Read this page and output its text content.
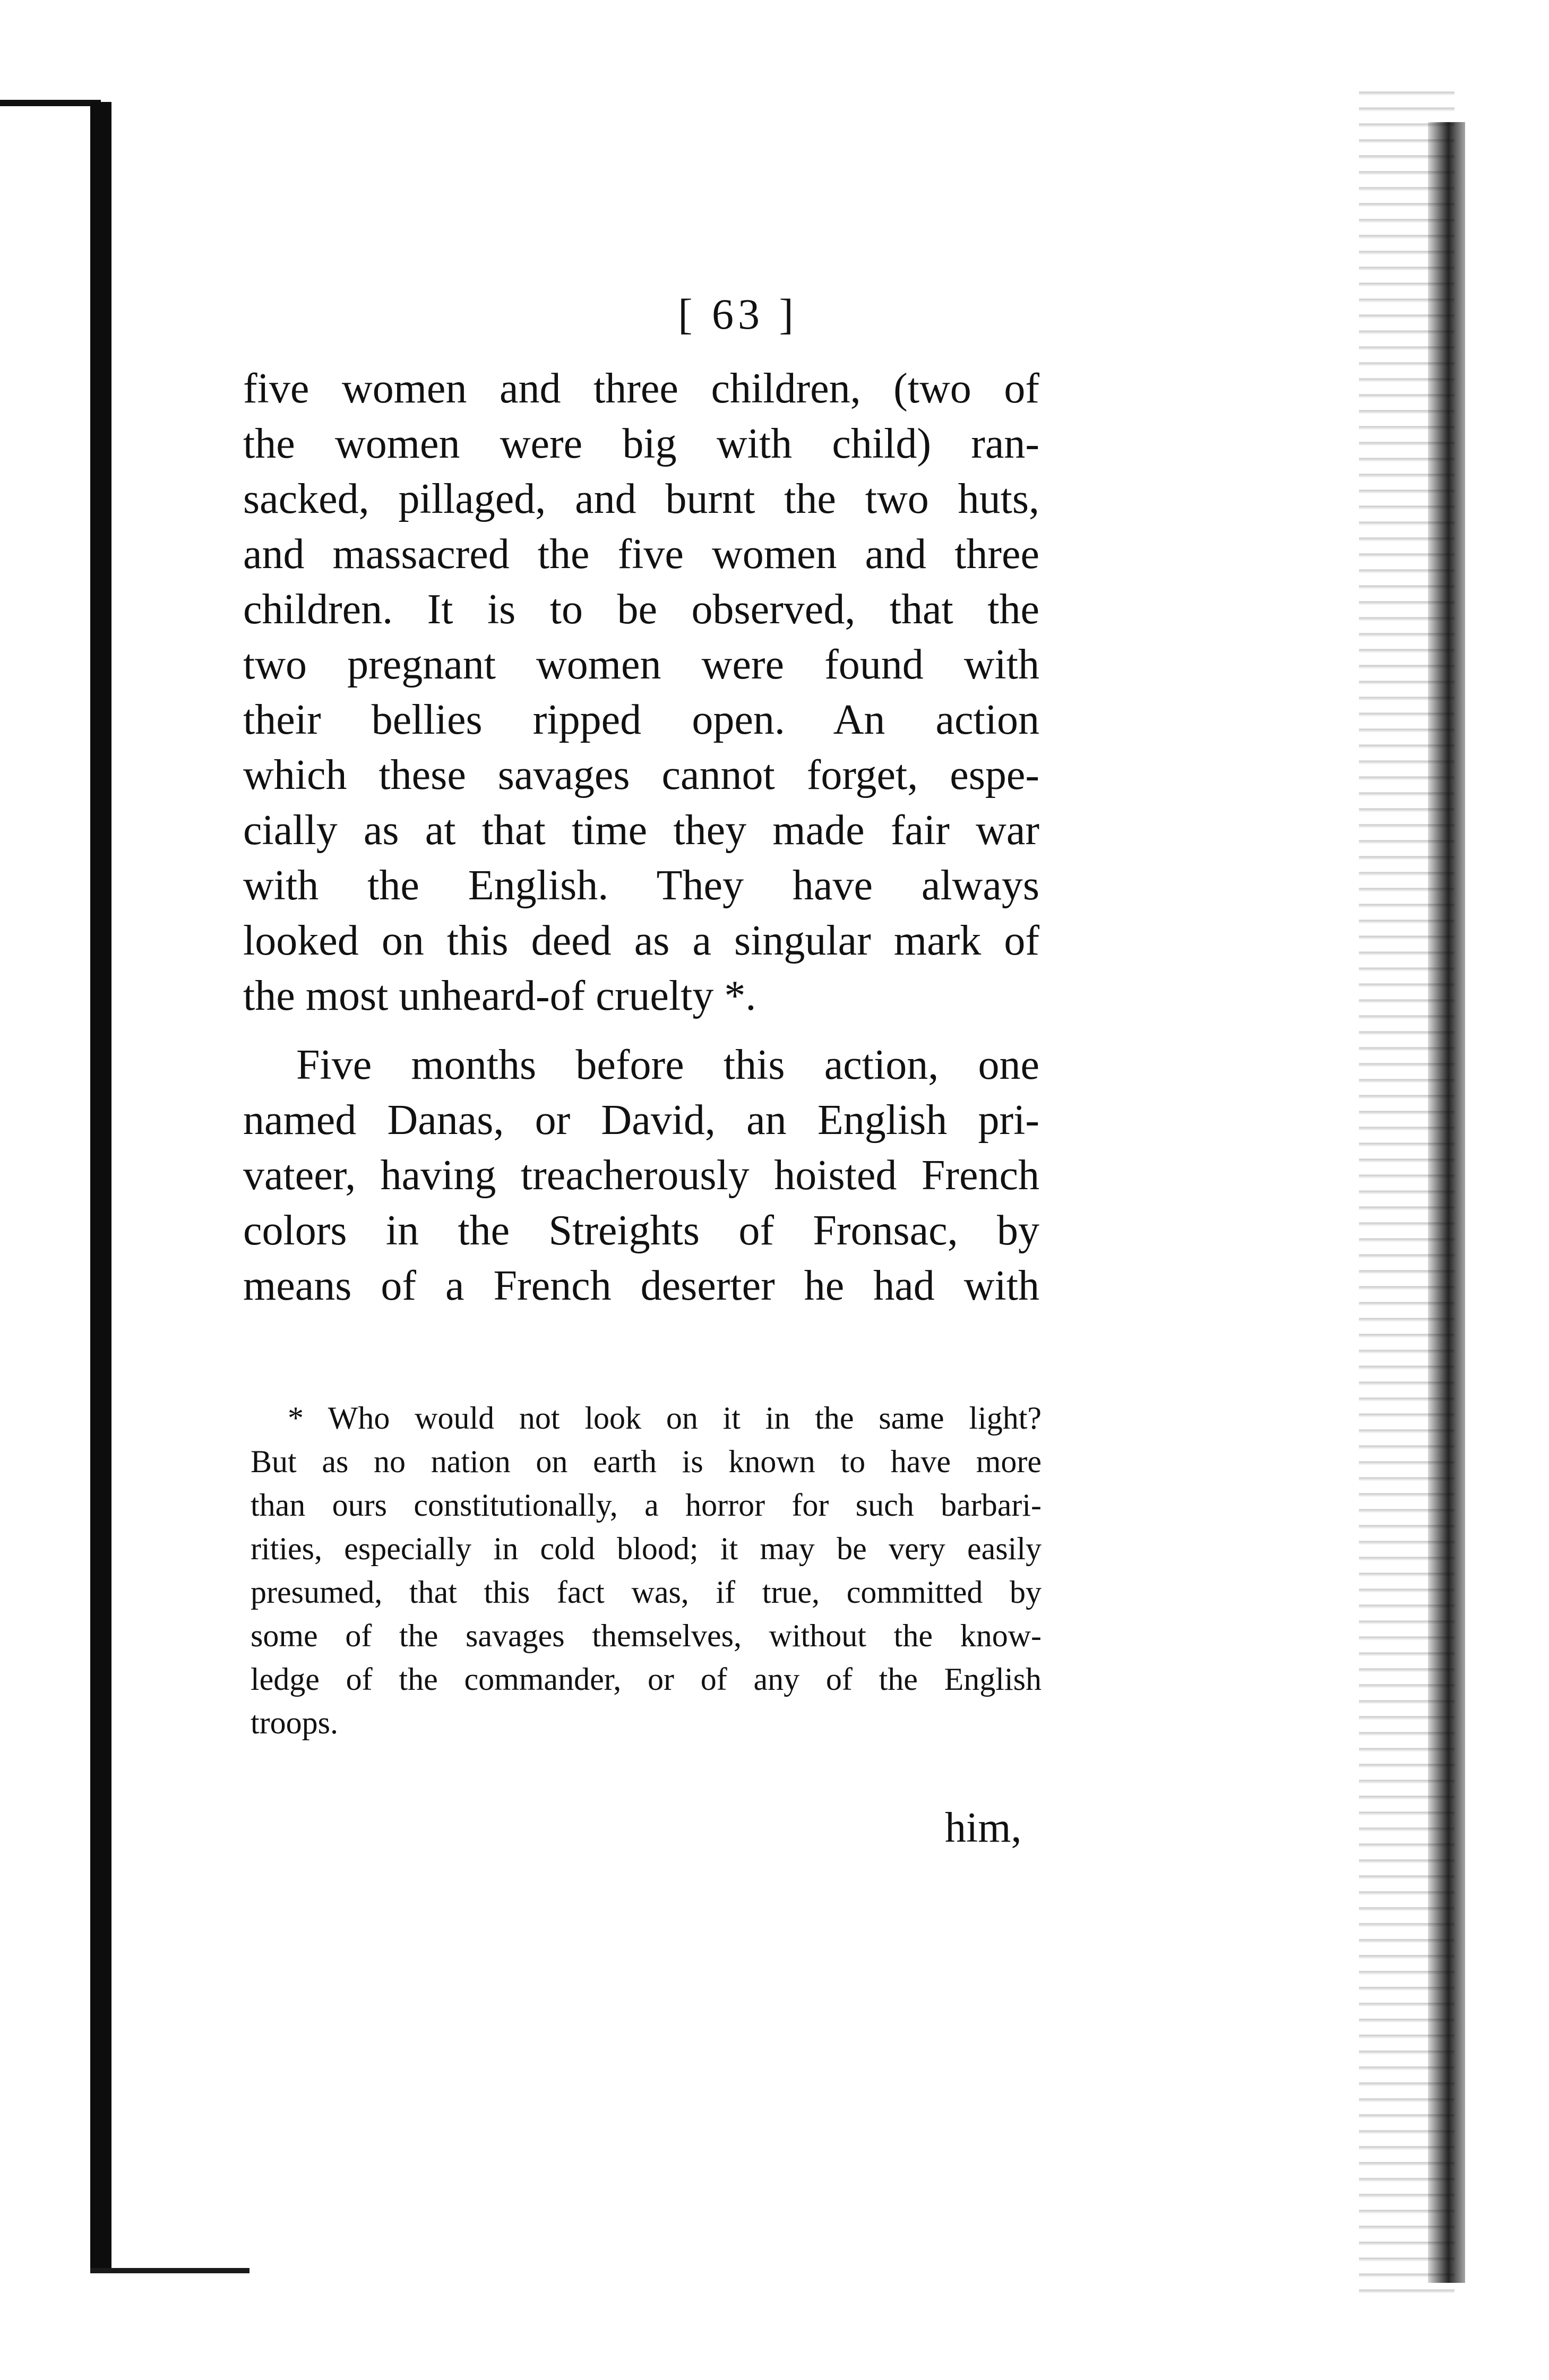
[ 63 ]
five women and three children, (two of
the women were big with child) ran-
sacked, pillaged, and burnt the two huts,
and massacred the five women and three
children. It is to be observed, that the
two pregnant women were found with
their bellies ripped open. An action
which these savages cannot forget, espe-
cially as at that time they made fair war
with the English. They have always
looked on this deed as a singular mark of
the most unheard-of cruelty *.
Five months before this action, one
named Danas, or David, an English pri-
vateer, having treacherously hoisted French
colors in the Streights of Fronsac, by
means of a French deserter he had with
* Who would not look on it in the same light?
But as no nation on earth is known to have more
than ours constitutionally, a horror for such barbari-
rities, especially in cold blood; it may be very easily
presumed, that this fact was, if true, committed by
some of the savages themselves, without the know-
ledge of the commander, or of any of the English
troops.
him,
